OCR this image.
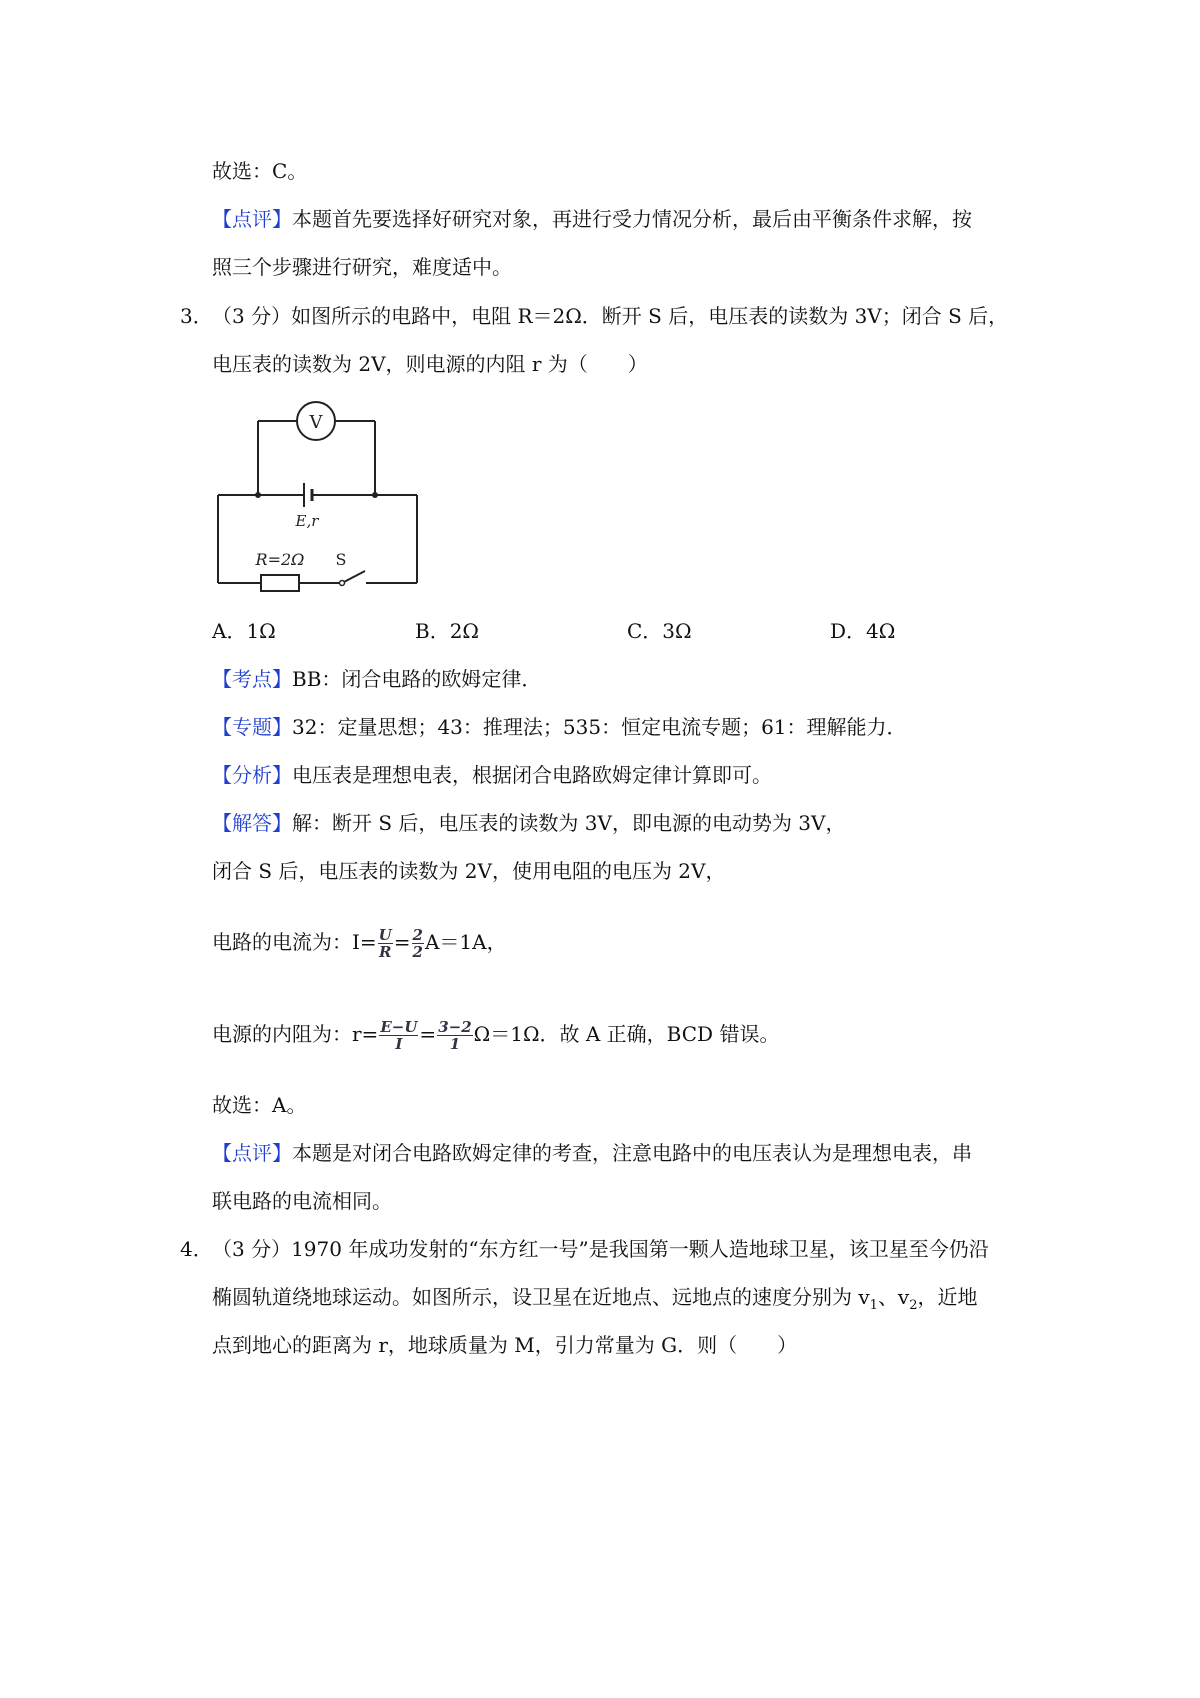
故选：C。
【点评】本题首先要选择好研究对象，再进行受力情况分析，最后由平衡条件求解，按
照三个步骤进行研究，难度适中。
3． （3 分）如图所示的电路中，电阻 R＝2Ω．断开 S 后，电压表的读数为 3V；闭合 S 后，
电压表的读数为 2V，则电源的内阻 r 为（　　）
V
E,r
R=2Ω S
A．1Ω	B．2Ω	C．3Ω	D．4Ω
【考点】BB：闭合电路的欧姆定律．
【专题】32：定量思想；43：推理法；535：恒定电流专题；61：理解能力．
【分析】电压表是理想电表，根据闭合电路欧姆定律计算即可。
【解答】解：断开 S 后，电压表的读数为 3V，即电源的电动势为 3V，
闭合 S 后，电压表的读数为 2V，使用电阻的电压为 2V，
电路的电流为：$I= \frac{U}{R} = \frac{2}{2} A=1A$，
电源的内阻为：$r= \frac{E-U}{I} = \frac{3-2}{1} \Omega=1\Omega$．故 A 正确，BCD 错误。
故选：A。
【点评】本题是对闭合电路欧姆定律的考查，注意电路中的电压表认为是理想电表，串
联电路的电流相同。
4． （3 分）1970 年成功发射的“东方红一号”是我国第一颗人造地球卫星，该卫星至今仍沿
椭圆轨道绕地球运动。如图所示，设卫星在近地点、远地点的速度分别为 $v_1$、$v_2$，近地
点到地心的距离为 r，地球质量为 M，引力常量为 G．则（　　）
